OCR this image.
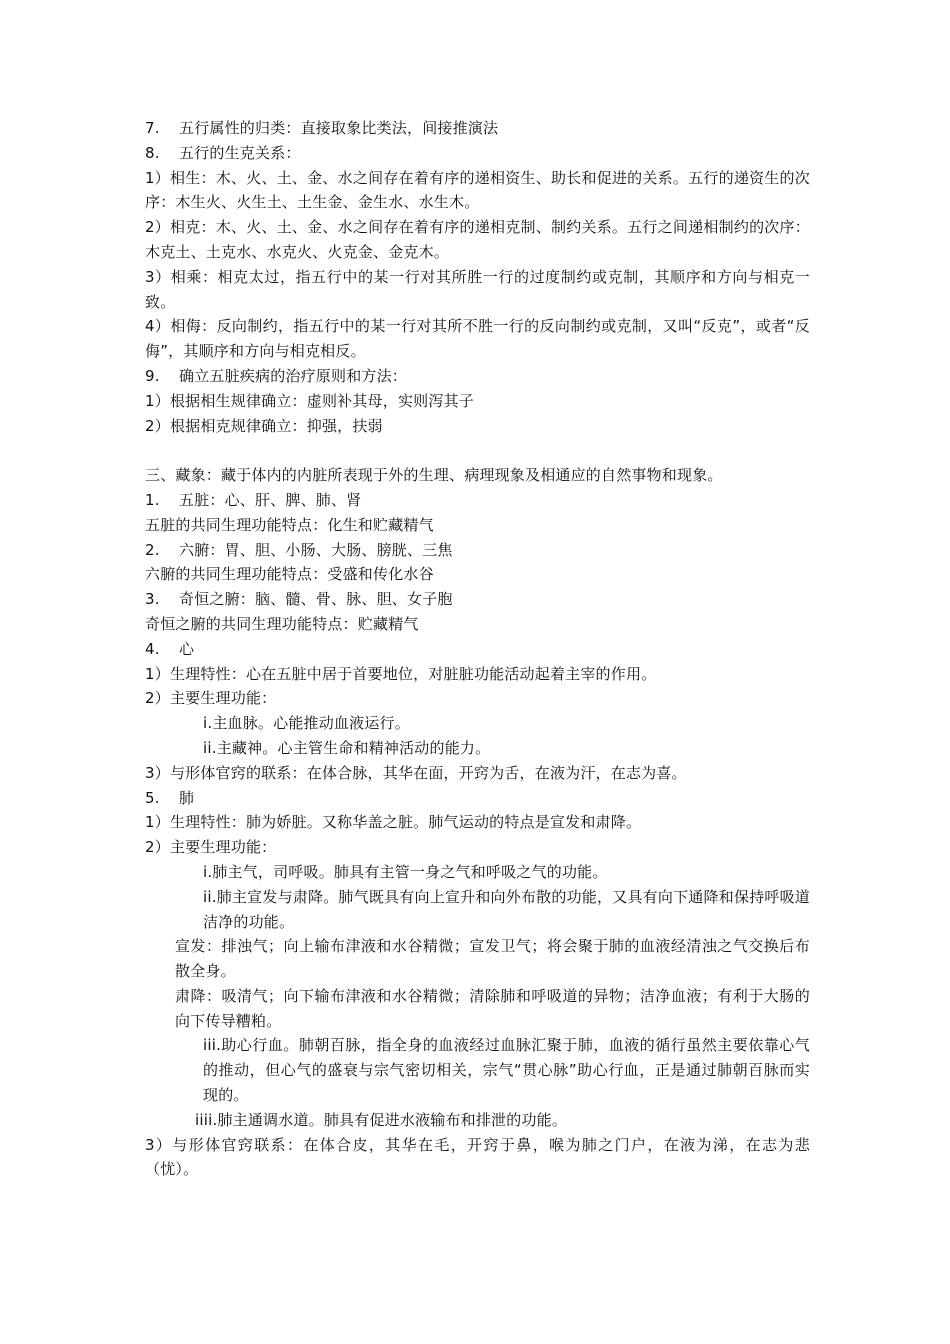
7. 五行属性的归类：直接取象比类法，间接推演法
8. 五行的生克关系：
1）相生：木、火、土、金、水之间存在着有序的递相资生、助长和促进的关系。五行的递资生的次序：木生火、火生土、土生金、金生水、水生木。
2）相克：木、火、土、金、水之间存在着有序的递相克制、制约关系。五行之间递相制约的次序：木克土、土克水、水克火、火克金、金克木。
3）相乘：相克太过，指五行中的某一行对其所胜一行的过度制约或克制，其顺序和方向与相克一致。
4）相侮：反向制约，指五行中的某一行对其所不胜一行的反向制约或克制，又叫“反克”，或者“反侮”，其顺序和方向与相克相反。
9. 确立五脏疾病的治疗原则和方法：
1）根据相生规律确立：虚则补其母，实则泻其子
2）根据相克规律确立：抑强，扶弱
三、藏象：藏于体内的内脏所表现于外的生理、病理现象及相通应的自然事物和现象。
1. 五脏：心、肝、脾、肺、肾
五脏的共同生理功能特点：化生和贮藏精气
2. 六腑：胃、胆、小肠、大肠、膀胱、三焦
六腑的共同生理功能特点：受盛和传化水谷
3. 奇恒之腑：脑、髓、骨、脉、胆、女子胞
奇恒之腑的共同生理功能特点：贮藏精气
4. 心
1）生理特性：心在五脏中居于首要地位，对脏脏功能活动起着主宰的作用。
2）主要生理功能：
i.主血脉。心能推动血液运行。
ii.主藏神。心主管生命和精神活动的能力。
3）与形体官窍的联系：在体合脉，其华在面，开窍为舌，在液为汗，在志为喜。
5. 肺
1）生理特性：肺为娇脏。又称华盖之脏。肺气运动的特点是宣发和肃降。
2）主要生理功能：
i.肺主气，司呼吸。肺具有主管一身之气和呼吸之气的功能。
ii.肺主宣发与肃降。肺气既具有向上宣升和向外布散的功能，又具有向下通降和保持呼吸道洁净的功能。
宣发：排浊气；向上输布津液和水谷精微；宣发卫气；将会聚于肺的血液经清浊之气交换后布散全身。
肃降：吸清气；向下输布津液和水谷精微；清除肺和呼吸道的异物；洁净血液；有利于大肠的向下传导糟粕。
iii.助心行血。肺朝百脉，指全身的血液经过血脉汇聚于肺，血液的循行虽然主要依靠心气的推动，但心气的盛衰与宗气密切相关，宗气“贯心脉”助心行血，正是通过肺朝百脉而实现的。
iiii.肺主通调水道。肺具有促进水液输布和排泄的功能。
3）与形体官窍联系：在体合皮，其华在毛，开窍于鼻，喉为肺之门户，在液为涕，在志为悲（忧）。
